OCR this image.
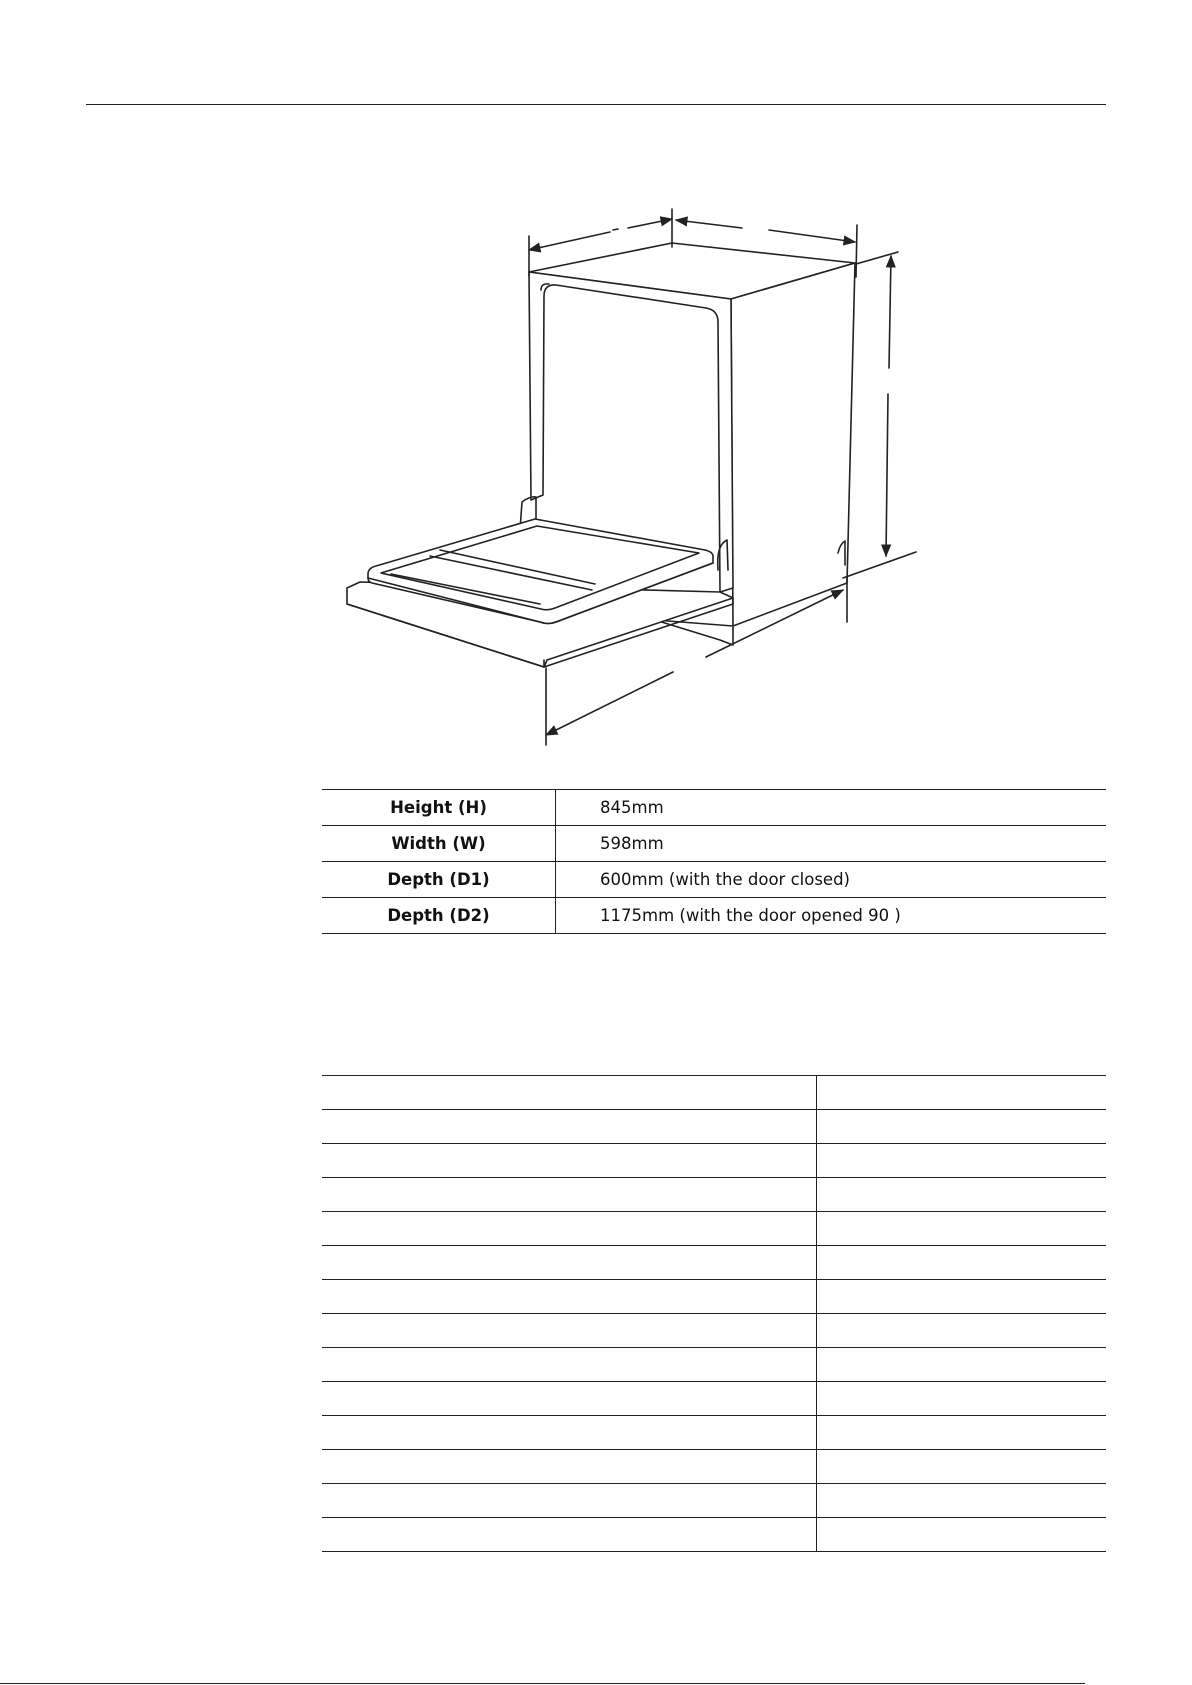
Height (H)	845mm
Width (W)	598mm
Depth (D1)	600mm (with the door closed)
Depth (D2)	1175mm (with the door opened 90 )
